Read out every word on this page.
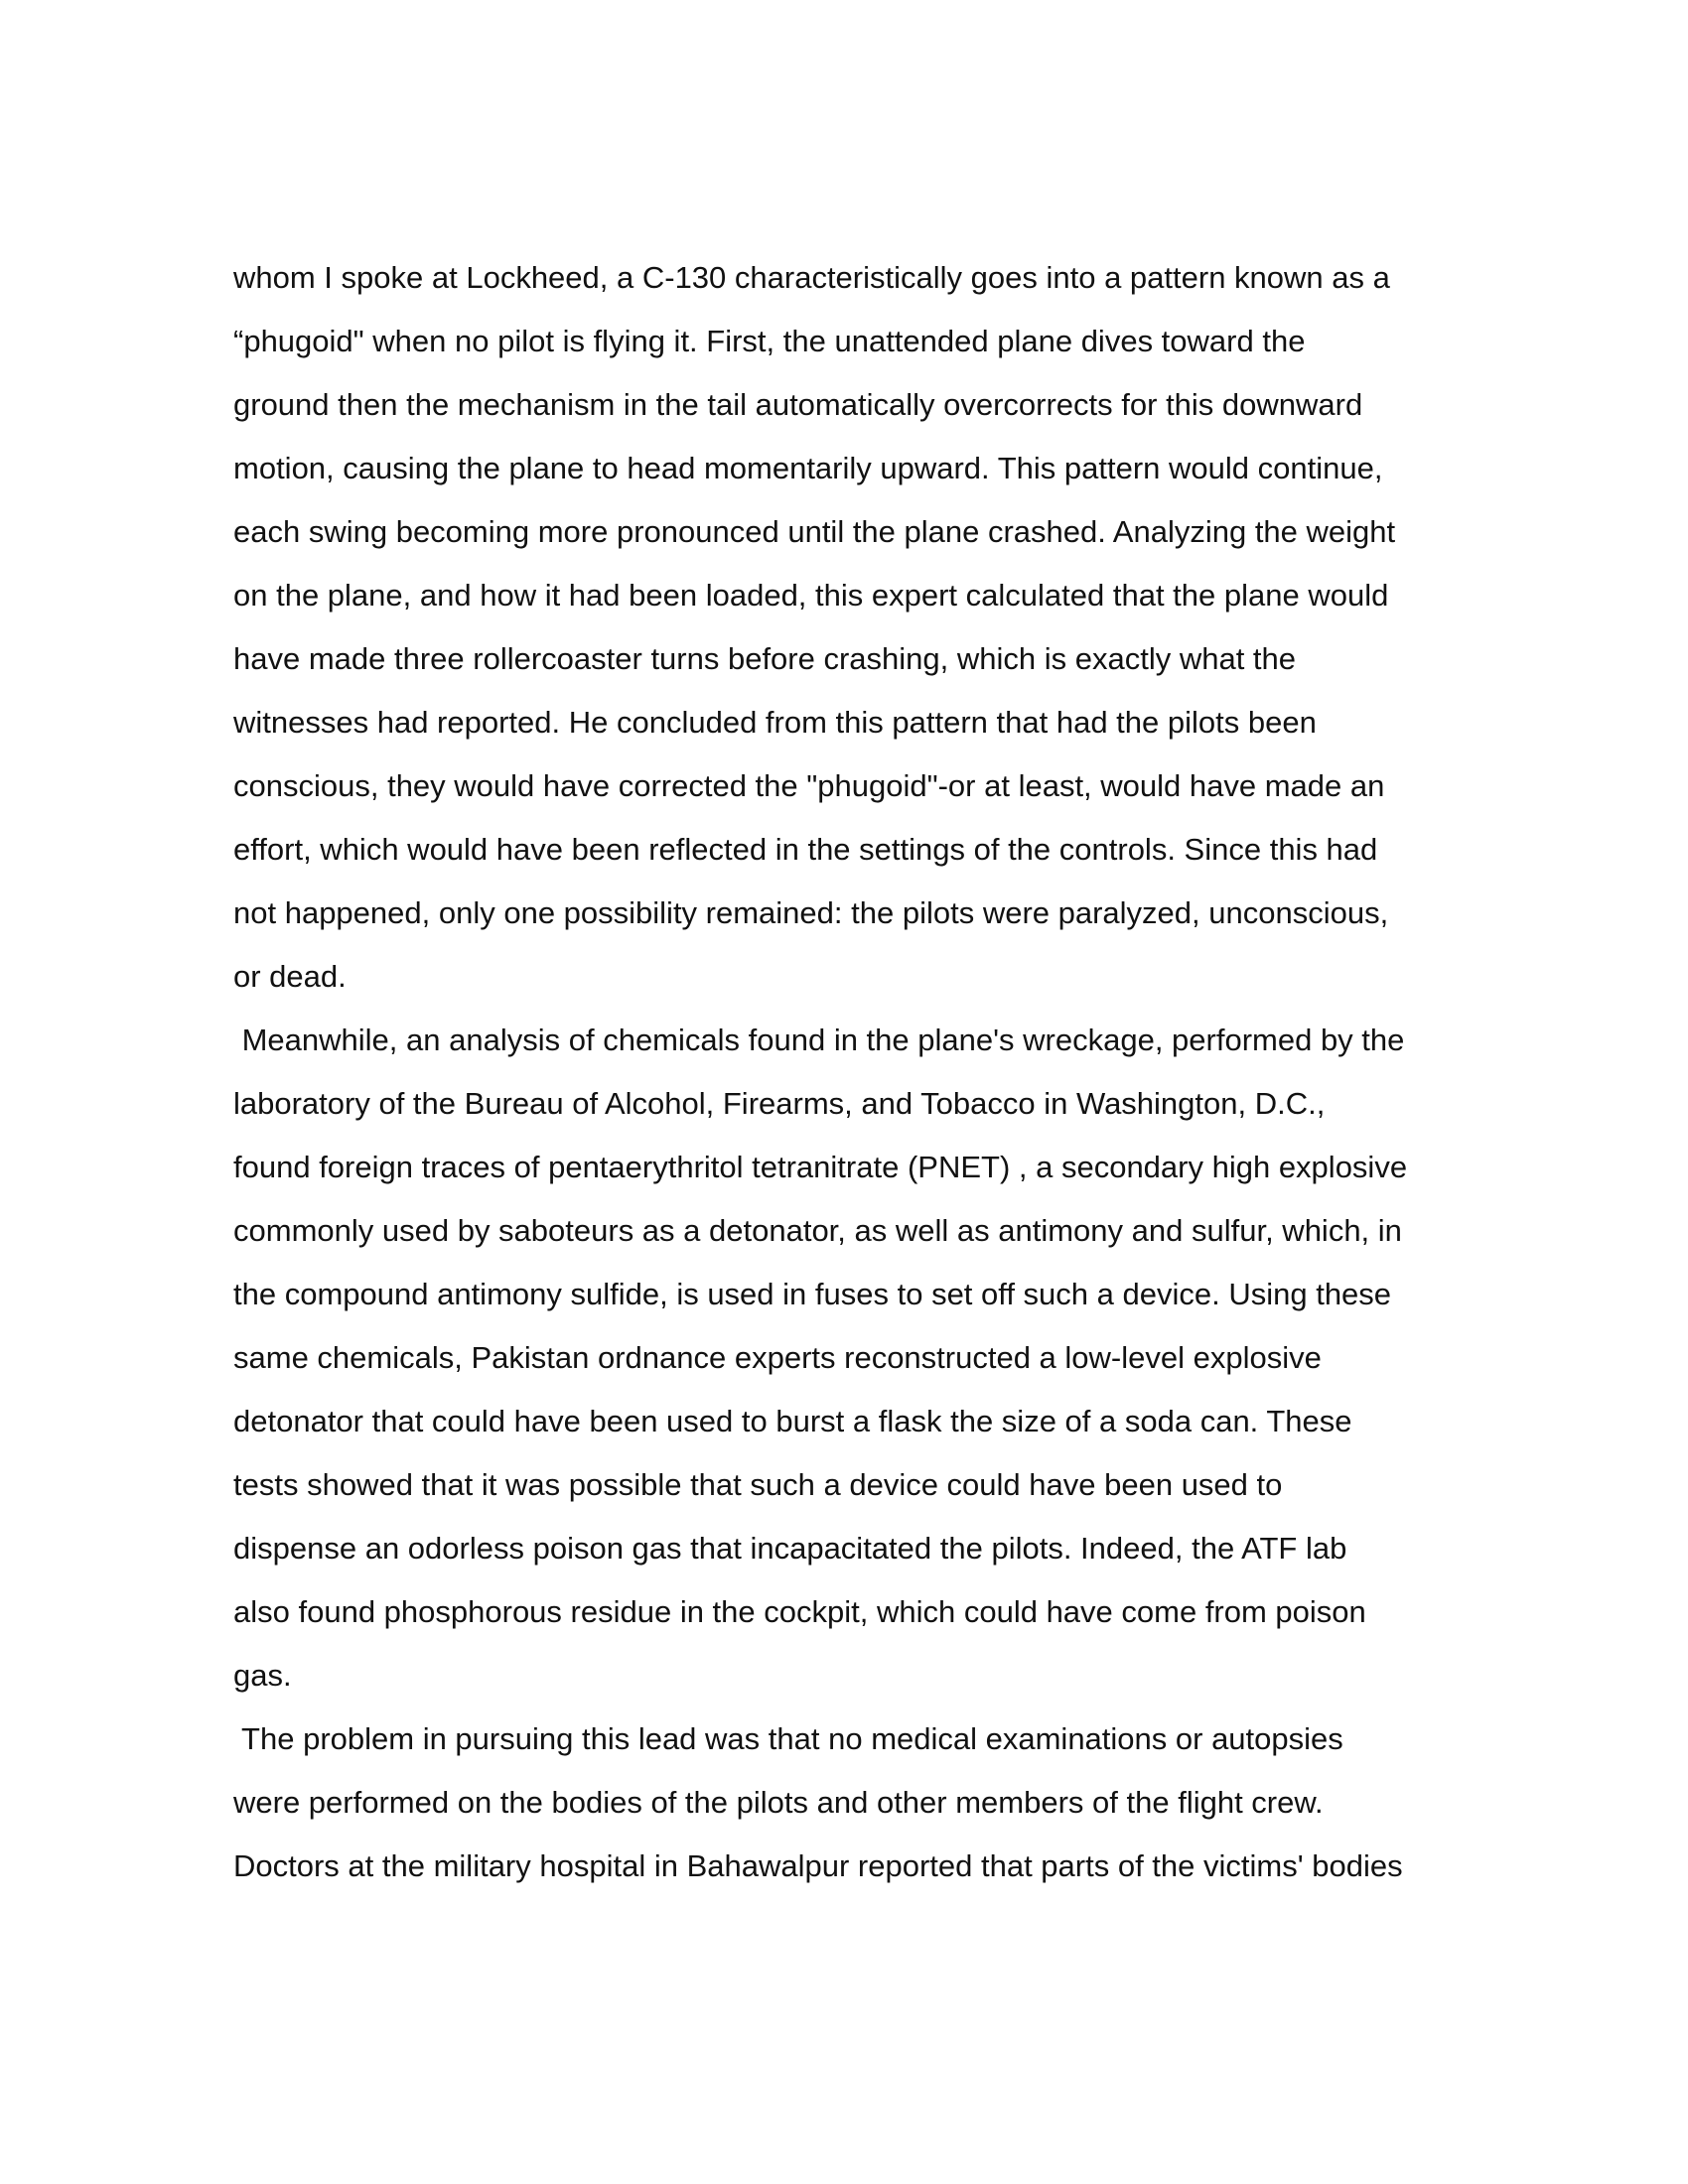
whom I spoke at Lockheed, a C-130 characteristically goes into a pattern known as a
“phugoid" when no pilot is flying it. First, the unattended plane dives toward the
ground then the mechanism in the tail automatically overcorrects for this downward
motion, causing the plane to head momentarily upward. This pattern would continue,
each swing becoming more pronounced until the plane crashed. Analyzing the weight
on the plane, and how it had been loaded, this expert calculated that the plane would
have made three rollercoaster turns before crashing, which is exactly what the
witnesses had reported. He concluded from this pattern that had the pilots been
conscious, they would have corrected the "phugoid"-or at least, would have made an
effort, which would have been reflected in the settings of the controls. Since this had
not happened, only one possibility remained: the pilots were paralyzed, unconscious,
or dead.
Meanwhile, an analysis of chemicals found in the plane's wreckage, performed by the
laboratory of the Bureau of Alcohol, Firearms, and Tobacco in Washington, D.C.,
found foreign traces of pentaerythritol tetranitrate (PNET) , a secondary high explosive
commonly used by saboteurs as a detonator, as well as antimony and sulfur, which, in
the compound antimony sulfide, is used in fuses to set off such a device. Using these
same chemicals, Pakistan ordnance experts reconstructed a low-level explosive
detonator that could have been used to burst a flask the size of a soda can. These
tests showed that it was possible that such a device could have been used to
dispense an odorless poison gas that incapacitated the pilots. Indeed, the ATF lab
also found phosphorous residue in the cockpit, which could have come from poison
gas.
The problem in pursuing this lead was that no medical examinations or autopsies
were performed on the bodies of the pilots and other members of the flight crew.
Doctors at the military hospital in Bahawalpur reported that parts of the victims' bodies
